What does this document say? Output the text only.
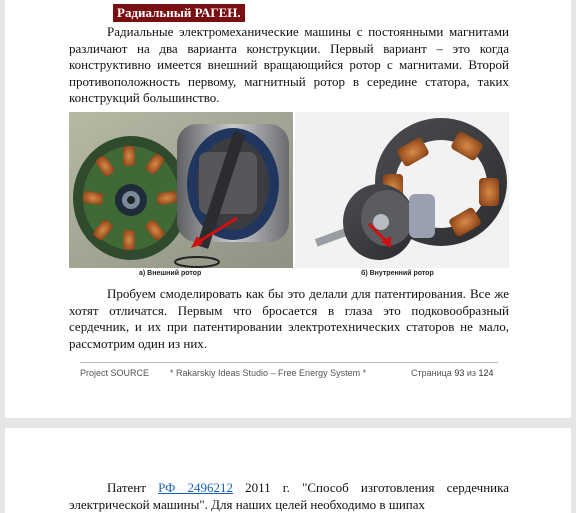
Радиальный РАГЕН.

Радиальные электромеханические машины с постоянными магнитами различают на два варианта конструкции. Первый вариант – это когда конструктивно имеется внешний вращающийся ротор с магнитами. Второй противоположность первому, магнитный ротор в середине статора, таких конструкций большинство.

а) Внешний ротор	б) Внутренний ротор

Пробуем смоделировать как бы это делали для патентирования. Все же хотят отличатся. Первым что бросается в глаза это подковообразный сердечник, и их при патентировании электротехнических статоров не мало, рассмотрим один из них.

Project SOURCE * Rakarskiy Ideas Studio – Free Energy System *	Страница 93 из 124

Патент РФ 2496212 2011 г. "Способ изготовления сердечника электрической машины". Для наших целей необходимо в шипах
